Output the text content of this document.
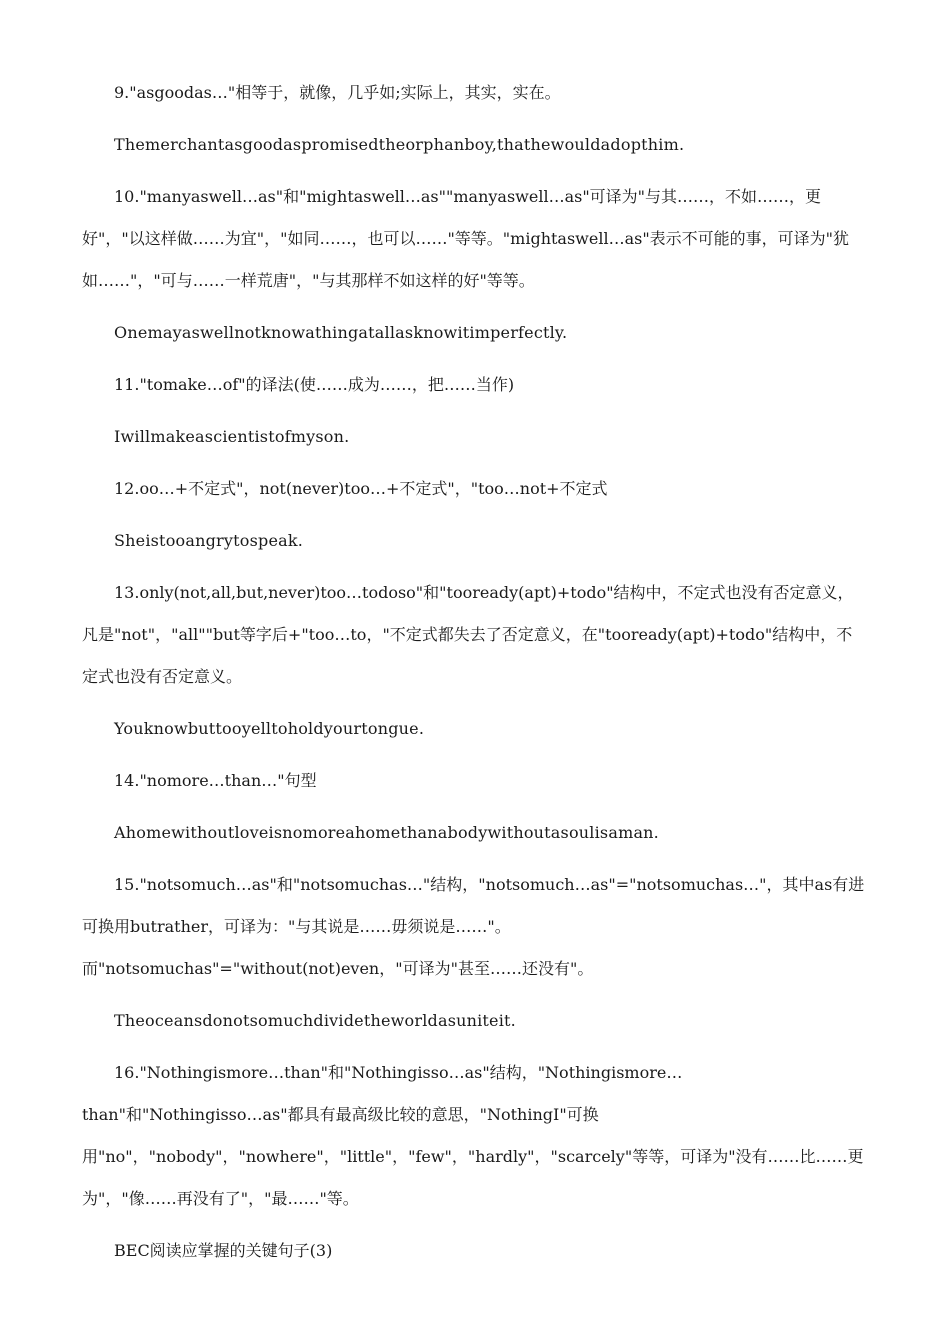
9."asgoodas…"相等于，就像，几乎如;实际上，其实，实在。

Themerchantasgoodaspromisedtheorphanboy,thathewouldadopthim.

10."manyaswell…as"和"mightaswell…as""manyaswell…as"可译为"与其……，不如……，更好"，"以这样做……为宜"，"如同……，也可以……"等等。"mightaswell…as"表示不可能的事，可译为"犹如……"，"可与……一样荒唐"，"与其那样不如这样的好"等等。

Onemayaswellnotknowathingatallasknowitimperfectly.

11."tomake…of"的译法(使……成为……，把……当作)

Iwillmakeascientistofmyson.

12.oo…+不定式"，not(never)too…+不定式"，"too…not+不定式

Sheistooangrytospeak.

13.only(not,all,but,never)too…todoso"和"tooready(apt)+todo"结构中，不定式也没有否定意义，凡是"not"，"all""but等字后+"too…to，"不定式都失去了否定意义，在"tooready(apt)+todo"结构中，不定式也没有否定意义。

Youknowbuttooyelltoholdyourtongue.

14."nomore…than…"句型

Ahomewithoutloveisnomoreahomethanabodywithoutasoulisaman.

15."notsomuch…as"和"notsomuchas…"结构，"notsomuch…as"="notsomuchas…"，其中as有进可换用butrather，可译为："与其说是……毋须说是……"。
而"notsomuchas"="without(not)even，"可译为"甚至……还没有"。

Theoceansdonotsomuchdividetheworldasuniteit.

16."Nothingismore…than"和"Nothingisso…as"结构，"Nothingismore…
than"和"Nothingisso…as"都具有最高级比较的意思，"NothingI"可换
用"no"，"nobody"，"nowhere"，"little"，"few"，"hardly"，"scarcely"等等，可译为"没有……比……更为"，"像……再没有了"，"最……"等。

BEC阅读应掌握的关键句子(3)
